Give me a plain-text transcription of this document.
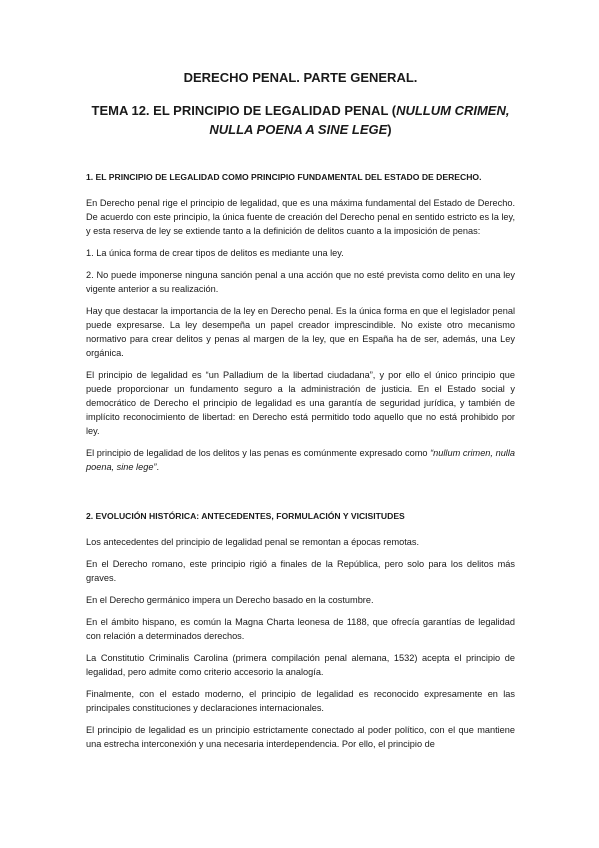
DERECHO PENAL. PARTE GENERAL.
TEMA 12. EL PRINCIPIO DE LEGALIDAD PENAL (NULLUM CRIMEN, NULLA POENA A SINE LEGE)
1. EL PRINCIPIO DE LEGALIDAD COMO PRINCIPIO FUNDAMENTAL DEL ESTADO DE DERECHO.

En Derecho penal rige el principio de legalidad, que es una máxima fundamental del Estado de Derecho. De acuerdo con este principio, la única fuente de creación del Derecho penal en sentido estricto es la ley, y esta reserva de ley se extiende tanto a la definición de delitos cuanto a la imposición de penas:

1. La única forma de crear tipos de delitos es mediante una ley.

2. No puede imponerse ninguna sanción penal a una acción que no esté prevista como delito en una ley vigente anterior a su realización.

Hay que destacar la importancia de la ley en Derecho penal. Es la única forma en que el legislador penal puede expresarse. La ley desempeña un papel creador imprescindible. No existe otro mecanismo normativo para crear delitos y penas al margen de la ley, que en España ha de ser, además, una Ley orgánica.

El principio de legalidad es “un Palladium de la libertad ciudadana”, y por ello el único principio que puede proporcionar un fundamento seguro a la administración de justicia. En el Estado social y democrático de Derecho el principio de legalidad es una garantía de seguridad jurídica, y también de implícito reconocimiento de libertad: en Derecho está permitido todo aquello que no está prohibido por ley.

El principio de legalidad de los delitos y las penas es comúnmente expresado como “nullum crimen, nulla poena, sine lege”.

2. EVOLUCIÓN HISTÓRICA: ANTECEDENTES, FORMULACIÓN Y VICISITUDES

Los antecedentes del principio de legalidad penal se remontan a épocas remotas.

En el Derecho romano, este principio rigió a finales de la República, pero solo para los delitos más graves.

En el Derecho germánico impera un Derecho basado en la costumbre.

En el ámbito hispano, es común la Magna Charta leonesa de 1188, que ofrecía garantías de legalidad con relación a determinados derechos.

La Constitutio Criminalis Carolina (primera compilación penal alemana, 1532) acepta el principio de legalidad, pero admite como criterio accesorio la analogía.

Finalmente, con el estado moderno, el principio de legalidad es reconocido expresamente en las principales constituciones y declaraciones internacionales.

El principio de legalidad es un principio estrictamente conectado al poder político, con el que mantiene una estrecha interconexión y una necesaria interdependencia. Por ello, el principio de
